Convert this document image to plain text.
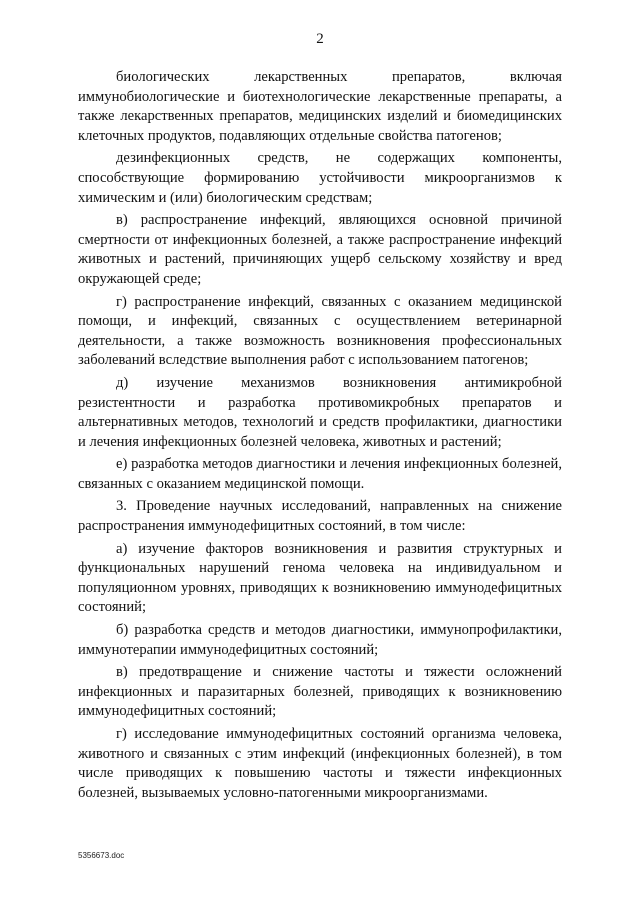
2

биологических лекарственных препаратов, включая иммунобиологические и биотехнологические лекарственные препараты, а также лекарственных препаратов, медицинских изделий и биомедицинских клеточных продуктов, подавляющих отдельные свойства патогенов;

дезинфекционных средств, не содержащих компоненты, способствующие формированию устойчивости микроорганизмов к химическим и (или) биологическим средствам;

в) распространение инфекций, являющихся основной причиной смертности от инфекционных болезней, а также распространение инфекций животных и растений, причиняющих ущерб сельскому хозяйству и вред окружающей среде;

г) распространение инфекций, связанных с оказанием медицинской помощи, и инфекций, связанных с осуществлением ветеринарной деятельности, а также возможность возникновения профессиональных заболеваний вследствие выполнения работ с использованием патогенов;

д) изучение механизмов возникновения антимикробной резистентности и разработка противомикробных препаратов и альтернативных методов, технологий и средств профилактики, диагностики и лечения инфекционных болезней человека, животных и растений;

е) разработка методов диагностики и лечения инфекционных болезней, связанных с оказанием медицинской помощи.

3. Проведение научных исследований, направленных на снижение распространения иммунодефицитных состояний, в том числе:

а) изучение факторов возникновения и развития структурных и функциональных нарушений генома человека на индивидуальном и популяционном уровнях, приводящих к возникновению иммунодефицитных состояний;

б) разработка средств и методов диагностики, иммунопрофилактики, иммунотерапии иммунодефицитных состояний;

в) предотвращение и снижение частоты и тяжести осложнений инфекционных и паразитарных болезней, приводящих к возникновению иммунодефицитных состояний;

г) исследование иммунодефицитных состояний организма человека, животного и связанных с этим инфекций (инфекционных болезней), в том числе приводящих к повышению частоты и тяжести инфекционных болезней, вызываемых условно-патогенными микроорганизмами.

5356673.doc
